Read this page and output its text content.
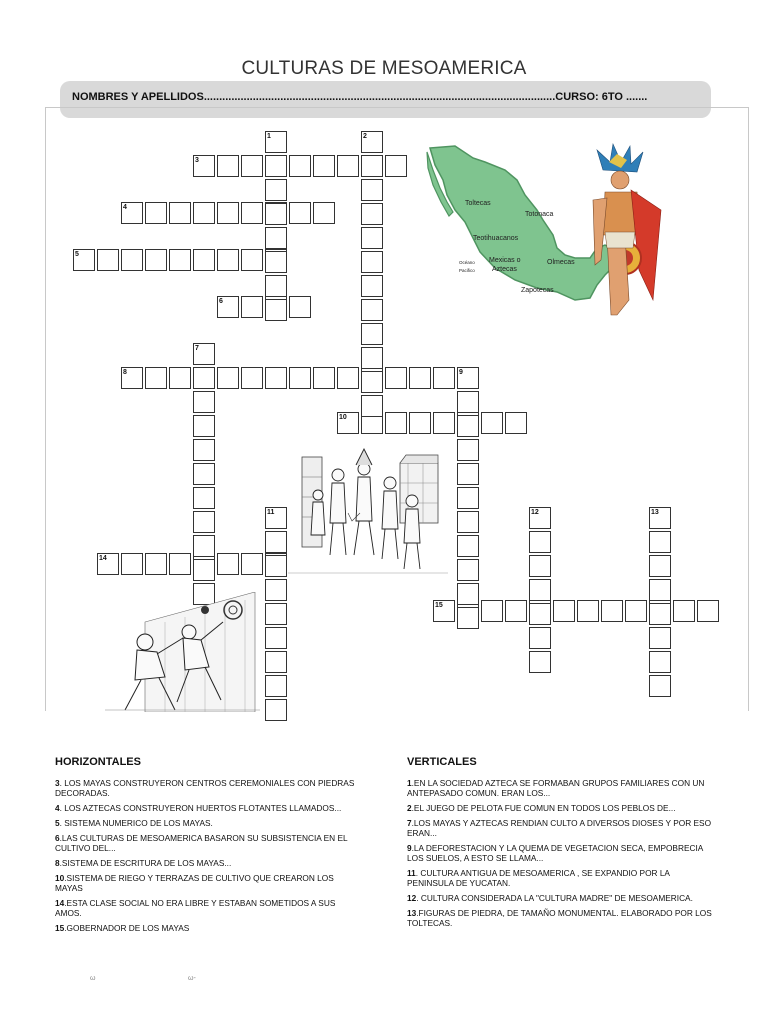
CULTURAS DE MESOAMERICA
NOMBRES Y APELLIDOS...................................................................................................................CURSO: 6TO .......
3
4
5
6
8
10
14
15
1	2
7
9
11	12	13
Toltecas
Totonaca
Teotihuacanos
Océano
Pacifico
Mexicas o
Aztecas
Olmecas
Zapotecas
HORIZONTALES
3. LOS MAYAS CONSTRUYERON CENTROS CEREMONIALES CON PIEDRAS DECORADAS.
4. LOS AZTECAS CONSTRUYERON HUERTOS FLOTANTES LLAMADOS...
5. SISTEMA NUMERICO DE LOS MAYAS.
6.LAS CULTURAS DE MESOAMERICA BASARON SU SUBSISTENCIA EN EL CULTIVO DEL...
8.SISTEMA DE ESCRITURA DE LOS MAYAS...
10.SISTEMA DE RIEGO Y TERRAZAS DE CULTIVO QUE CREARON LOS MAYAS
14.ESTA CLASE SOCIAL NO ERA LIBRE Y ESTABAN SOMETIDOS A SUS AMOS.
15.GOBERNADOR DE LOS MAYAS
VERTICALES
1.EN LA SOCIEDAD AZTECA SE FORMABAN GRUPOS FAMILIARES CON UN ANTEPASADO COMUN. ERAN LOS...
2.EL JUEGO DE PELOTA FUE COMUN EN TODOS LOS PEBLOS DE...
7.LOS MAYAS Y AZTECAS RENDIAN CULTO A DIVERSOS DIOSES Y POR ESO ERAN...
9.LA DEFORESTACION Y LA QUEMA DE VEGETACION SECA, EMPOBRECIA LOS SUELOS, A ESTO SE LLAMA...
11. CULTURA ANTIGUA DE MESOAMERICA , SE EXPANDIO POR LA PENINSULA DE YUCATAN.
12. CULTURA CONSIDERADA LA "CULTURA MADRE" DE MESOAMERICA.
13.FIGURAS DE PIEDRA, DE TAMAÑO MONUMENTAL. ELABORADO POR LOS TOLTECAS.
ω	ω-
